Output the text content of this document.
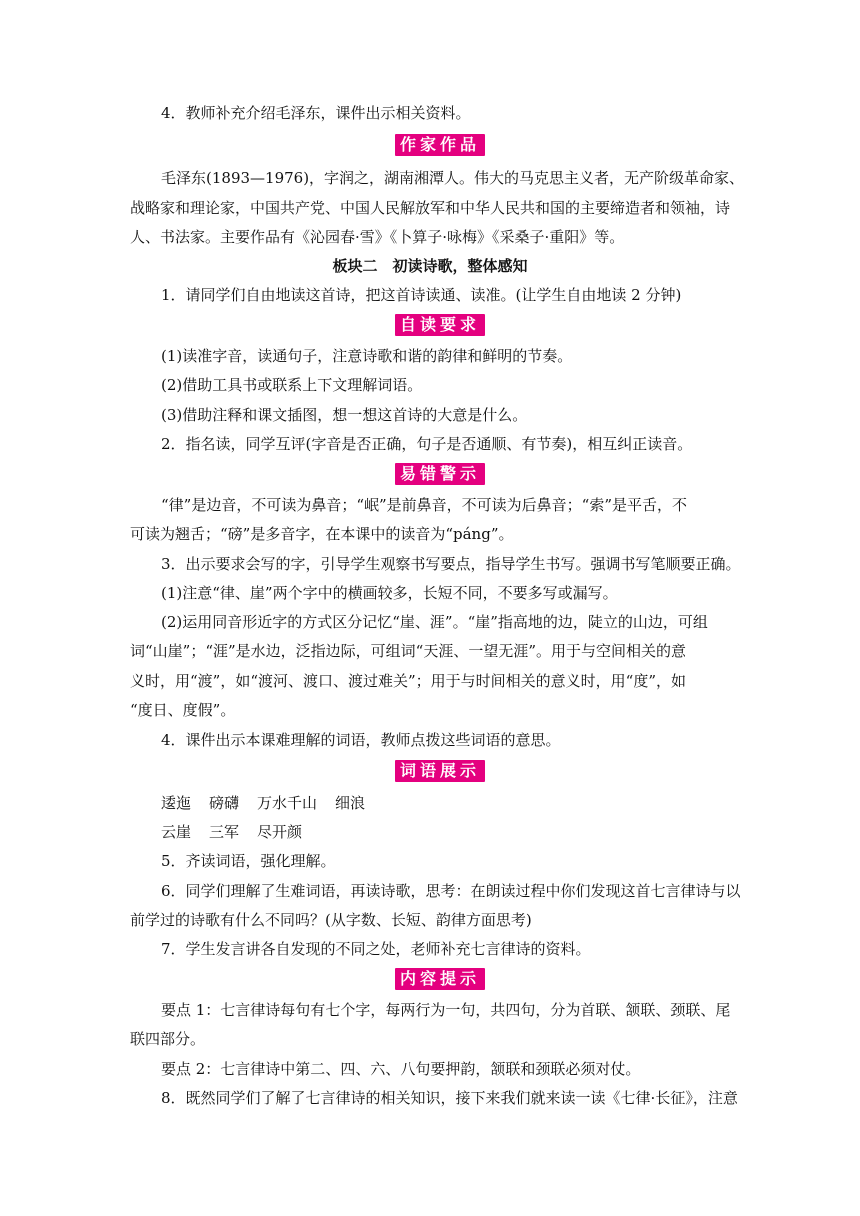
4．教师补充介绍毛泽东，课件出示相关资料。
作家作品
毛泽东(1893—1976)，字润之，湖南湘潭人。伟大的马克思主义者，无产阶级革命家、
战略家和理论家，中国共产党、中国人民解放军和中华人民共和国的主要缔造者和领袖，诗
人、书法家。主要作品有《沁园春·雪》《卜算子·咏梅》《采桑子·重阳》等。
板块二　初读诗歌，整体感知
1．请同学们自由地读这首诗，把这首诗读通、读准。(让学生自由地读 2 分钟)
自读要求
(1)读准字音，读通句子，注意诗歌和谐的韵律和鲜明的节奏。
(2)借助工具书或联系上下文理解词语。
(3)借助注释和课文插图，想一想这首诗的大意是什么。
2．指名读，同学互评(字音是否正确，句子是否通顺、有节奏)，相互纠正读音。
易错警示
“律”是边音，不可读为鼻音；“岷”是前鼻音，不可读为后鼻音；“索”是平舌，不
可读为翘舌；“磅”是多音字，在本课中的读音为“páng”。
3．出示要求会写的字，引导学生观察书写要点，指导学生书写。强调书写笔顺要正确。
(1)注意“律、崖”两个字中的横画较多，长短不同，不要多写或漏写。
(2)运用同音形近字的方式区分记忆“崖、涯”。“崖”指高地的边，陡立的山边，可组
词“山崖”；“涯”是水边，泛指边际，可组词“天涯、一望无涯”。用于与空间相关的意
义时，用“渡”，如“渡河、渡口、渡过难关”；用于与时间相关的意义时，用“度”，如
“度日、度假”。
4．课件出示本课难理解的词语，教师点拨这些词语的意思。
词语展示
逶迤 磅礴 万水千山 细浪
云崖 三军 尽开颜
5．齐读词语，强化理解。
6．同学们理解了生难词语，再读诗歌，思考：在朗读过程中你们发现这首七言律诗与以
前学过的诗歌有什么不同吗？(从字数、长短、韵律方面思考)
7．学生发言讲各自发现的不同之处，老师补充七言律诗的资料。
内容提示
要点 1：七言律诗每句有七个字，每两行为一句，共四句，分为首联、颔联、颈联、尾
联四部分。
要点 2：七言律诗中第二、四、六、八句要押韵，颔联和颈联必须对仗。
8．既然同学们了解了七言律诗的相关知识，接下来我们就来读一读《七律·长征》，注意
